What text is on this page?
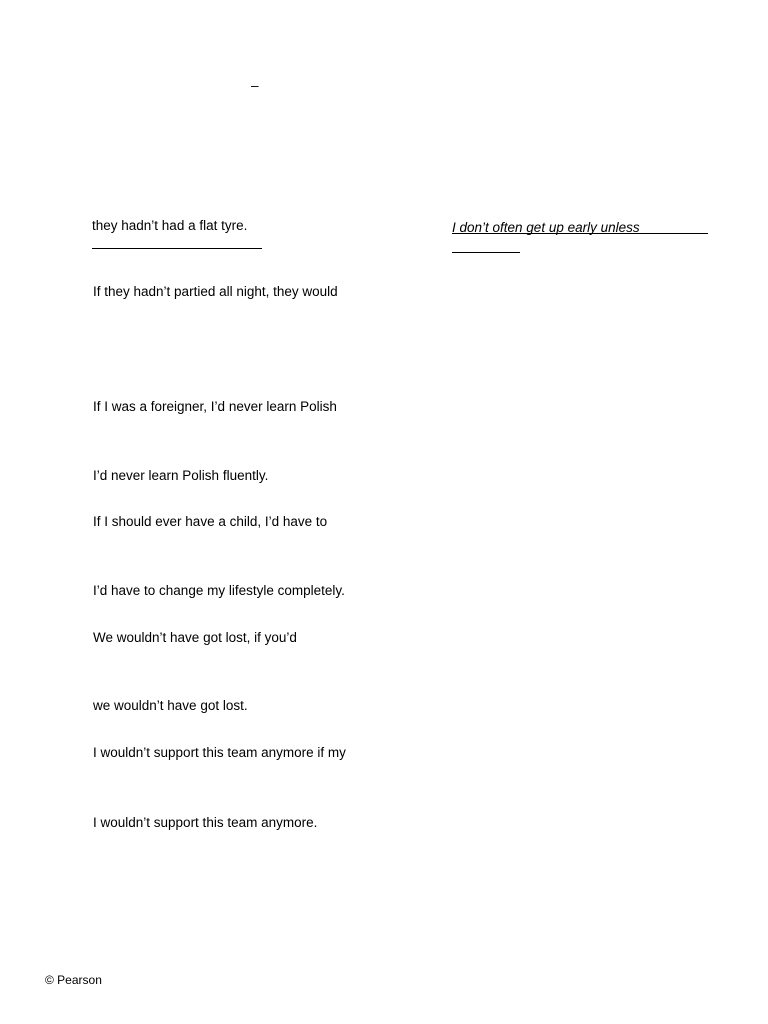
–

they hadn’t had a flat tyre.

If they hadn’t partied all night, they would

If I was a foreigner, I’d never learn Polish

I’d never learn Polish fluently.

If I should ever have a child, I’d have to

I’d have to change my lifestyle completely.

We wouldn’t have got lost, if you’d

we wouldn’t have got lost.

I wouldn’t support this team anymore if my

I wouldn’t support this team anymore.

I don’t often get up early unless

© Pearson
